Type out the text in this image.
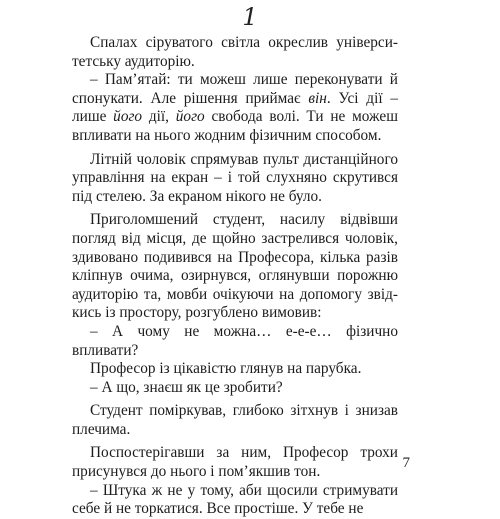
1

Спалах сіруватого світла окреслив університетську аудиторію.

– Пам’ятай: ти можеш лише переконувати й спонукати. Але рішення приймає він. Усі дії – лише його дії, його свобода волі. Ти не можеш впливати на нього жодним фізичним способом.

Літній чоловік спрямував пульт дистанційного управління на екран – і той слухняно скрутився під стелею. За екраном нікого не було.

Приголомшений студент, насилу відвівши погляд від місця, де щойно застрелився чоловік, здивовано подивився на Професора, кілька разів кліпнув очима, озирнувся, оглянувши порожню аудиторію та, мовби очікуючи на допомогу звідкись із простору, розгублено вимовив:

– А чому не можна… е-е-е… фізично впливати?

Професор із цікавістю глянув на парубка.

– А що, знаєш як це зробити?

Студент поміркував, глибоко зітхнув і знизав плечима.

Поспостерігавши за ним, Професор трохи присунувся до нього і пом’якшив тон.

– Штука ж не у тому, аби щосили стримувати себе й не торкатися. Все простіше. У тебе не

7
